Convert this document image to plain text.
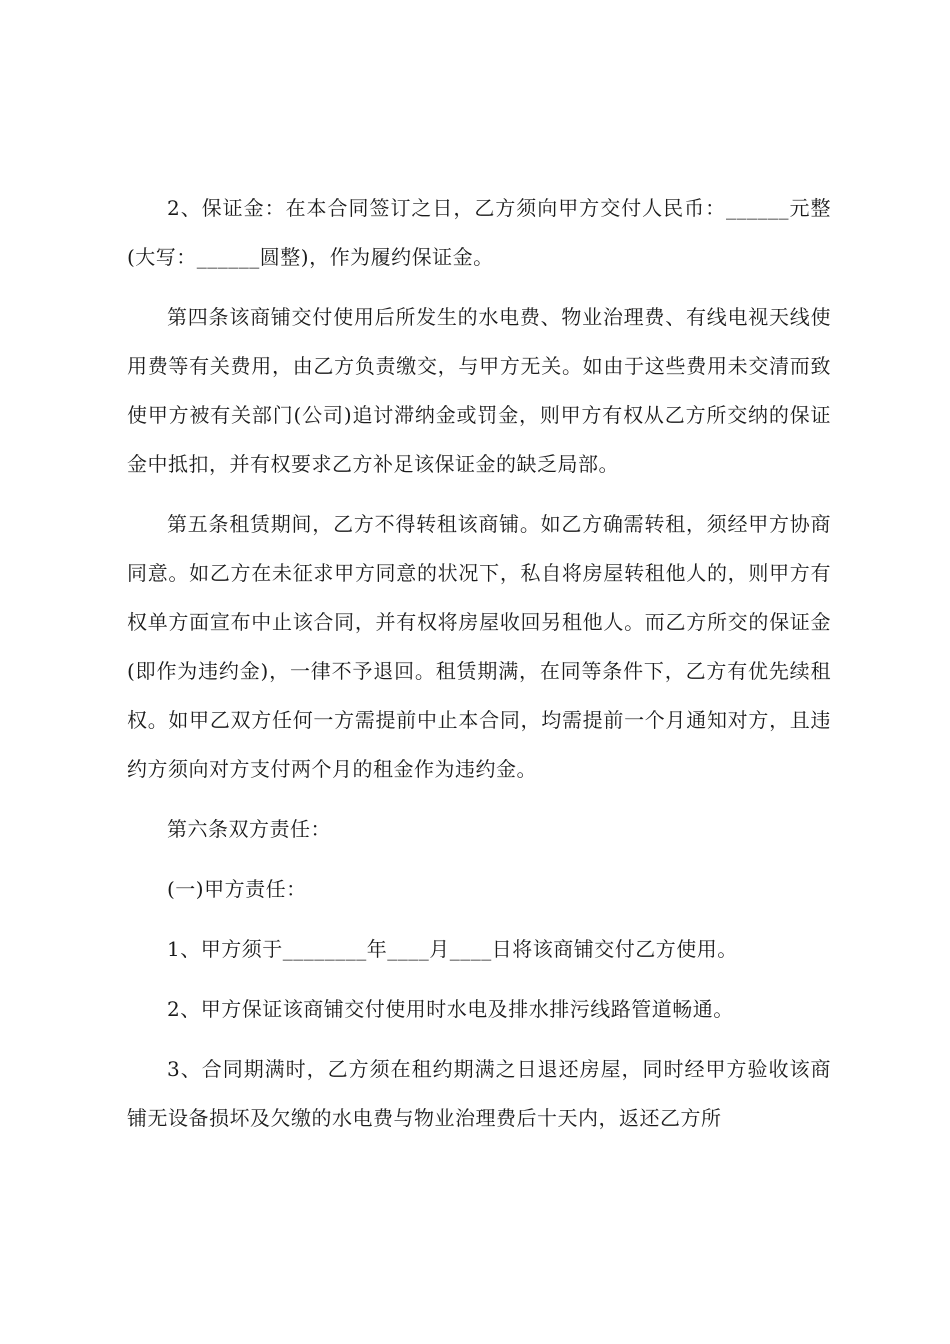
2、保证金：在本合同签订之日，乙方须向甲方交付人民币：______元整(大写：______圆整)，作为履约保证金。

第四条该商铺交付使用后所发生的水电费、物业治理费、有线电视天线使用费等有关费用，由乙方负责缴交，与甲方无关。如由于这些费用未交清而致使甲方被有关部门(公司)追讨滞纳金或罚金，则甲方有权从乙方所交纳的保证金中抵扣，并有权要求乙方补足该保证金的缺乏局部。

第五条租赁期间，乙方不得转租该商铺。如乙方确需转租，须经甲方协商同意。如乙方在未征求甲方同意的状况下，私自将房屋转租他人的，则甲方有权单方面宣布中止该合同，并有权将房屋收回另租他人。而乙方所交的保证金(即作为违约金)，一律不予退回。租赁期满，在同等条件下，乙方有优先续租权。如甲乙双方任何一方需提前中止本合同，均需提前一个月通知对方，且违约方须向对方支付两个月的租金作为违约金。

第六条双方责任：

(一)甲方责任：

1、甲方须于________年____月____日将该商铺交付乙方使用。

2、甲方保证该商铺交付使用时水电及排水排污线路管道畅通。

3、合同期满时，乙方须在租约期满之日退还房屋，同时经甲方验收该商铺无设备损坏及欠缴的水电费与物业治理费后十天内，返还乙方所
